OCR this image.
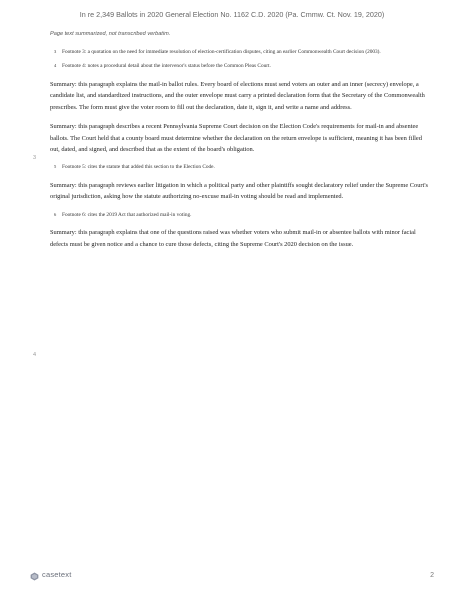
In re 2,349 Ballots in 2020 General Election No. 1162 C.D. 2020 (Pa. Cmmw. Ct. Nov. 19, 2020)

Page text summarized, not transcribed verbatim.

3 Footnote 3: a quotation on the need for immediate resolution of election-certification disputes, citing an earlier Commonwealth Court decision (2003).
4 Footnote 4: notes a procedural detail about the intervenor's status before the Common Pleas Court.

Summary: this paragraph explains the mail-in ballot rules. Every board of elections must send voters an outer and an inner (secrecy) envelope, a candidate list, and standardized instructions, and the outer envelope must carry a printed declaration form that the Secretary of the Commonwealth prescribes. The form must give the voter room to fill out the declaration, date it, sign it, and write a name and address.

Summary: this paragraph describes a recent Pennsylvania Supreme Court decision on the Election Code's requirements for mail-in and absentee ballots. The Court held that a county board must determine whether the declaration on the return envelope is sufficient, meaning it has been filled out, dated, and signed, and described that as the extent of the board's obligation.

5 Footnote 5: cites the statute that added this section to the Election Code.

Summary: this paragraph reviews earlier litigation in which a political party and other plaintiffs sought declaratory relief under the Supreme Court's original jurisdiction, asking how the statute authorizing no-excuse mail-in voting should be read and implemented.

6 Footnote 6: cites the 2019 Act that authorized mail-in voting.

Summary: this paragraph explains that one of the questions raised was whether voters who submit mail-in or absentee ballots with minor facial defects must be given notice and a chance to cure those defects, citing the Supreme Court's 2020 decision on the issue.

3
4
casetext	2
